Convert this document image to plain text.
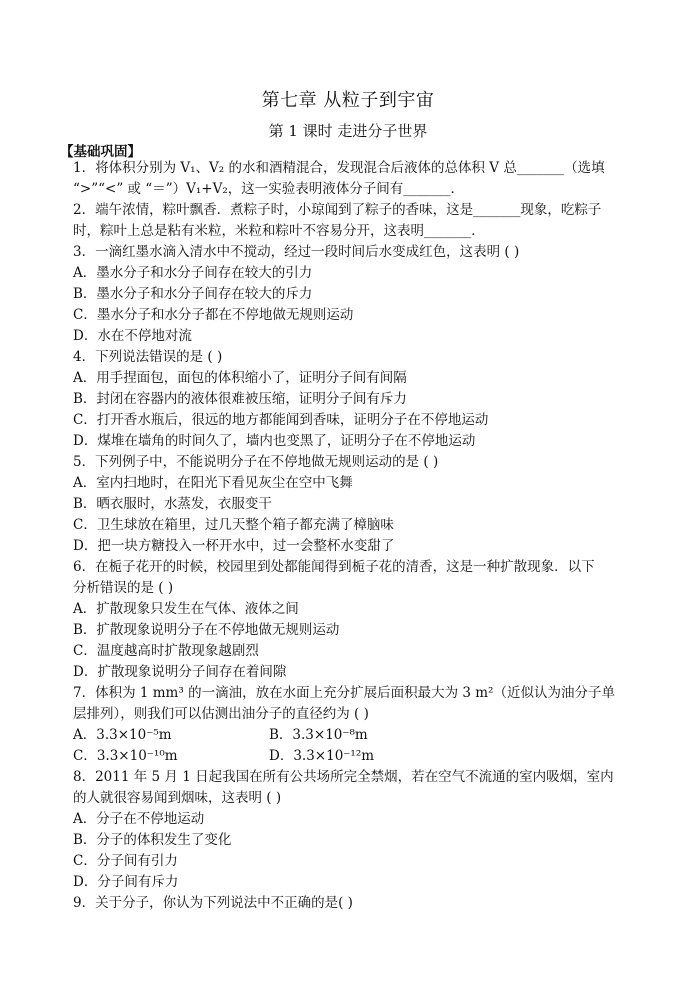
第七章 从粒子到宇宙
第 1 课时 走进分子世界
【基础巩固】
1．将体积分别为 V₁、V₂ 的水和酒精混合，发现混合后液体的总体积 V 总_______（选填
“>”“<” 或 “＝”）V₁+V₂，这一实验表明液体分子间有_______．
2．端午浓情，粽叶飘香．煮粽子时，小琼闻到了粽子的香味，这是_______现象，吃粽子
时，粽叶上总是粘有米粒，米粒和粽叶不容易分开，这表明_______．
3．一滴红墨水滴入清水中不搅动，经过一段时间后水变成红色，这表明 ( )
A．墨水分子和水分子间存在较大的引力
B．墨水分子和水分子间存在较大的斥力
C．墨水分子和水分子都在不停地做无规则运动
D．水在不停地对流
4．下列说法错误的是 ( )
A．用手捏面包，面包的体积缩小了，证明分子间有间隔
B．封闭在容器内的液体很难被压缩，证明分子间有斥力
C．打开香水瓶后，很远的地方都能闻到香味，证明分子在不停地运动
D．煤堆在墙角的时间久了，墙内也变黑了，证明分子在不停地运动
5．下列例子中，不能说明分子在不停地做无规则运动的是 ( )
A．室内扫地时，在阳光下看见灰尘在空中飞舞
B．晒衣服时，水蒸发，衣服变干
C．卫生球放在箱里，过几天整个箱子都充满了樟脑味
D．把一块方糖投入一杯开水中，过一会整杯水变甜了
6．在栀子花开的时候，校园里到处都能闻得到栀子花的清香，这是一种扩散现象．以下
分析错误的是 ( )
A．扩散现象只发生在气体、液体之间
B．扩散现象说明分子在不停地做无规则运动
C．温度越高时扩散现象越剧烈
D．扩散现象说明分子间存在着间隙
7．体积为 1 mm³ 的一滴油，放在水面上充分扩展后面积最大为 3 m²（近似认为油分子单
层排列），则我们可以估测出油分子的直径约为 ( )
A．3.3×10⁻⁵m	B．3.3×10⁻⁸m
C．3.3×10⁻¹⁰m	D．3.3×10⁻¹²m
8．2011 年 5 月 1 日起我国在所有公共场所完全禁烟，若在空气不流通的室内吸烟，室内
的人就很容易闻到烟味，这表明 ( )
A．分子在不停地运动
B．分子的体积发生了变化
C．分子间有引力
D．分子间有斥力
9．关于分子，你认为下列说法中不正确的是( )
